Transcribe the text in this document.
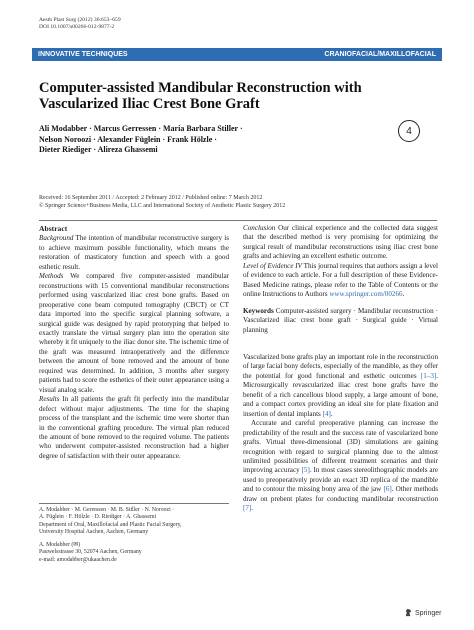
Aesth Plast Surg (2012) 36:653–659
DOI 10.1007/s00266-012-9877-2
INNOVATIVE TECHNIQUES	CRANIOFACIAL/MAXILLOFACIAL
Computer-assisted Mandibular Reconstruction with Vascularized Iliac Crest Bone Graft
Ali Modabber · Marcus Gerressen · Maria Barbara Stiller ·
Nelson Noroozi · Alexander Füglein · Frank Hölzle ·
Dieter Riediger · Alireza Ghassemi
4
Received: 16 September 2011 / Accepted: 2 February 2012 / Published online: 7 March 2012
© Springer Science+Business Media, LLC and International Society of Aesthetic Plastic Surgery 2012
Abstract

Background The intention of mandibular reconstructive surgery is to achieve maximum possible functionality, which means the restoration of masticatory function and speech with a good esthetic result.

Methods We compared five computer-assisted mandibular reconstructions with 15 conventional mandibular reconstructions performed using vascularized iliac crest bone grafts. Based on preoperative cone beam computed tomography (CBCT) or CT data imported into the specific surgical planning software, a surgical guide was designed by rapid prototyping that helped to exactly translate the virtual surgery plan into the operation site whereby it fit uniquely to the iliac donor site. The ischemic time of the graft was measured intraoperatively and the difference between the amount of bone removed and the amount of bone required was determined. In addition, 3 months after surgery patients had to score the esthetics of their outer appearance using a visual analog scale.

Results In all patients the graft fit perfectly into the mandibular defect without major adjustments. The time for the shaping process of the transplant and the ischemic time were shorter than in the conventional grafting procedure. The virtual plan reduced the amount of bone removed to the required volume. The patients who underwent computer-assisted reconstruction had a higher degree of satisfaction with their outer appearance.

A. Modabber · M. Gerressen · M. B. Stiller · N. Noroozi ·
A. Füglein · F. Hölzle · D. Riediger · A. Ghassemi
Department of Oral, Maxillofacial and Plastic Facial Surgery,
University Hospital Aachen, Aachen, Germany
A. Modabber (✉)
Pauwelsstrasse 30, 52074 Aachen, Germany
e-mail: amodabber@ukaachen.de

Conclusion Our clinical experience and the collected data suggest that the described method is very promising for optimizing the surgical result of mandibular reconstructions using iliac crest bone grafts and achieving an excellent esthetic outcome.

Level of Evidence IV This journal requires that authors assign a level of evidence to each article. For a full description of these Evidence-Based Medicine ratings, please refer to the Table of Contents or the online Instructions to Authors www.springer.com/00266.

Keywords Computer-assisted surgery · Mandibular reconstruction · Vascularized iliac crest bone graft · Surgical guide · Virtual planning

Vascularized bone grafts play an important role in the reconstruction of large facial bony defects, especially of the mandible, as they offer the potential for good functional and esthetic outcomes [1–3]. Microsurgically revascularized iliac crest bone grafts have the benefit of a rich cancellous blood supply, a large amount of bone, and a compact cortex providing an ideal site for plate fixation and insertion of dental implants [4].

Accurate and careful preoperative planning can increase the predictability of the result and the success rate of vascularized bone grafts. Virtual three-dimensional (3D) simulations are gaining recognition with regard to surgical planning due to the almost unlimited possibilities of different treatment scenarios and their improving accuracy [5]. In most cases stereolithographic models are used to preoperatively provide an exact 3D replica of the mandible and to contour the missing bony area of the jaw [6]. Other methods draw on prebent plates for conducting mandibular reconstruction [7].

Springer
